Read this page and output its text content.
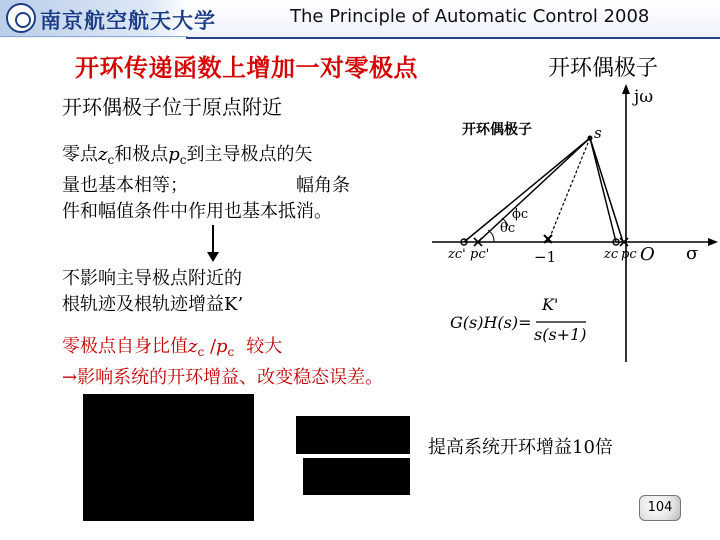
南京航空航天大学	The Principle of Automatic Control 2008
开环传递函数上增加一对零极点	开环偶极子
开环偶极子位于原点附近
零点$z_c$和极点$p_c$到主导极点的矢
量也基本相等；	幅角条
件和幅值条件中作用也基本抵消。
不影响主导极点附近的
根轨迹及根轨迹增益K’
零极点自身比值$z_c$ $/p_c$ 较大
→影响系统的开环增益、改变稳态误差。
提高系统开环增益10倍
jω
σ
开环偶极子	s
θc
ϕc
zc' pc'	−1	zc pc O
G(s)H(s)=
K'
s(s+1)
104
